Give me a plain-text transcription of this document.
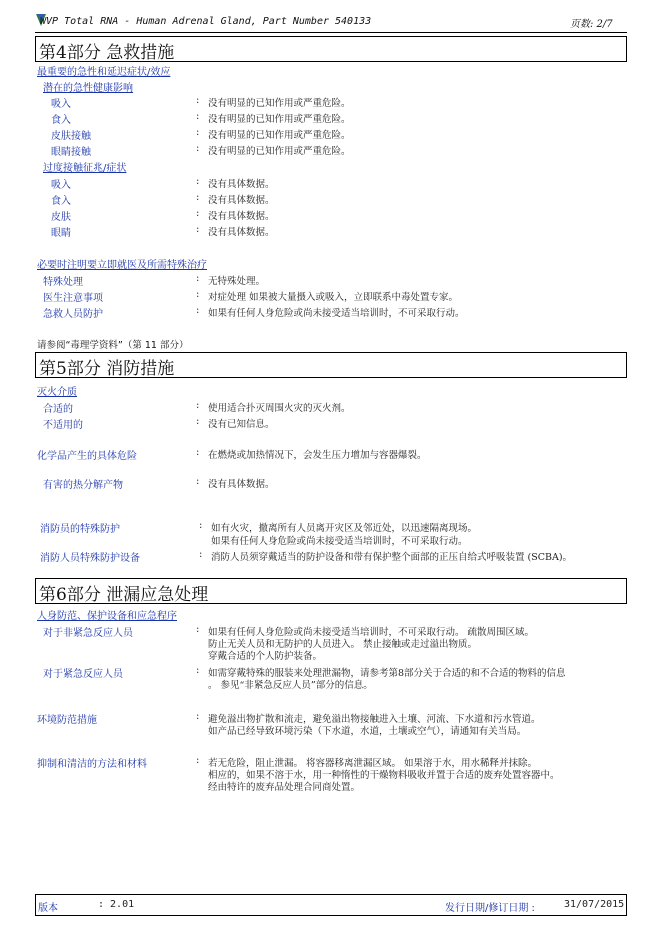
WVP Total RNA - Human Adrenal Gland, Part Number 540133	页数: 2/7
第4部分 急救措施
最重要的急性和延迟症状/效应
潜在的急性健康影响
吸入	: 没有明显的已知作用或严重危险。
食入	: 没有明显的已知作用或严重危险。
皮肤接触	: 没有明显的已知作用或严重危险。
眼睛接触	: 没有明显的已知作用或严重危险。
过度接触征兆/症状
吸入	: 没有具体数据。
食入	: 没有具体数据。
皮肤	: 没有具体数据。
眼睛	: 没有具体数据。
必要时注明要立即就医及所需特殊治疗
特殊处理	: 无特殊处理。
医生注意事项	: 对症处理 如果被大量摄入或吸入，立即联系中毒处置专家。
急救人员防护	: 如果有任何人身危险或尚未接受适当培训时，不可采取行动。
请参阅“毒理学资料”（第 11 部分）
第5部分 消防措施
灭火介质
合适的	: 使用适合扑灭周围火灾的灭火剂。
不适用的	: 没有已知信息。
化学品产生的具体危险	: 在燃烧或加热情况下，会发生压力增加与容器爆裂。
有害的热分解产物	: 没有具体数据。
消防员的特殊防护	: 如有火灾，撤离所有人员离开灾区及邻近处，以迅速隔离现场。
如果有任何人身危险或尚未接受适当培训时，不可采取行动。
消防人员特殊防护设备	: 消防人员须穿戴适当的防护设备和带有保护整个面部的正压自给式呼吸装置 (SCBA)。
第6部分 泄漏应急处理
人身防范、保护设备和应急程序
对于非紧急反应人员	: 如果有任何人身危险或尚未接受适当培训时，不可采取行动。 疏散周围区域。
防止无关人员和无防护的人员进入。 禁止接触或走过溢出物质。
穿戴合适的个人防护装备。
对于紧急反应人员	: 如需穿戴特殊的服装来处理泄漏物，请参考第8部分关于合适的和不合适的物料的信息
。 参见“非紧急反应人员”部分的信息。
环境防范措施	: 避免溢出物扩散和流走，避免溢出物接触进入土壤、河流、下水道和污水管道。
如产品已经导致环境污染（下水道，水道，土壤或空气），请通知有关当局。
抑制和清洁的方法和材料	: 若无危险，阻止泄漏。 将容器移离泄漏区域。 如果溶于水，用水稀释并抹除。
相应的，如果不溶于水，用一种惰性的干燥物料吸收并置于合适的废弃处置容器中。
经由特许的废弃品处理合同商处置。
版本	: 2.01	发行日期/修订日期 :	31/07/2015
